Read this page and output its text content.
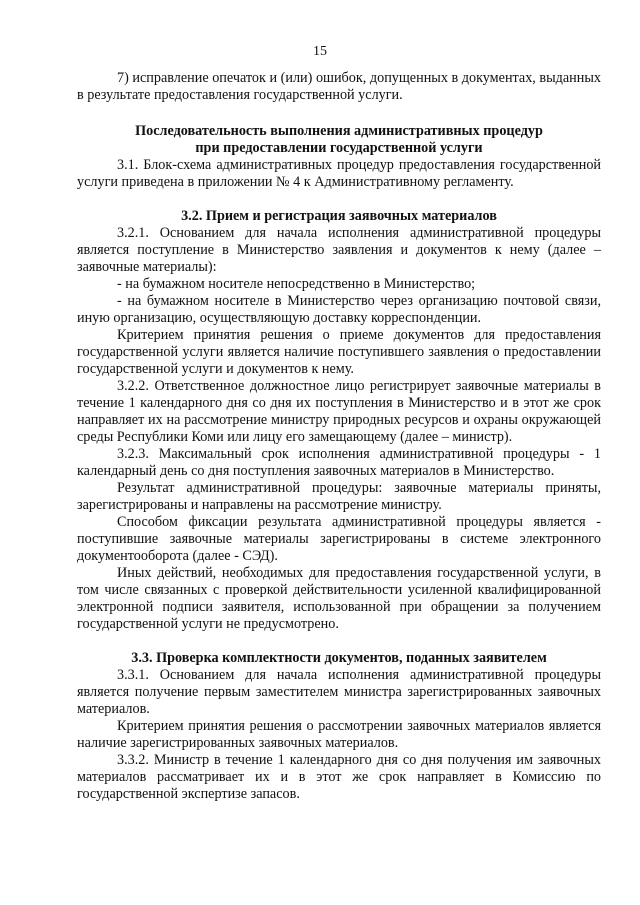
15

7) исправление опечаток и (или) ошибок, допущенных в документах, выданных в результате предоставления государственной услуги.

Последовательность выполнения административных процедур

при предоставлении государственной услуги

3.1. Блок-схема административных процедур предоставления государственной услуги приведена в приложении № 4 к Административному регламенту.

3.2. Прием и регистрация заявочных материалов

3.2.1. Основанием для начала исполнения административной процедуры является поступление в Министерство заявления и документов к нему (далее – заявочные материалы):

- на бумажном носителе непосредственно в Министерство;

- на бумажном носителе в Министерство через организацию почтовой связи, иную организацию, осуществляющую доставку корреспонденции.

Критерием принятия решения о приеме документов для предоставления государственной услуги является наличие поступившего заявления о предоставлении государственной услуги и документов к нему.

3.2.2. Ответственное должностное лицо регистрирует заявочные материалы в течение 1 календарного дня со дня их поступления в Министерство и в этот же срок направляет их на рассмотрение министру природных ресурсов и охраны окружающей среды Республики Коми или лицу его замещающему (далее – министр).

3.2.3. Максимальный срок исполнения административной процедуры - 1 календарный день со дня поступления заявочных материалов в Министерство.

Результат административной процедуры: заявочные материалы приняты, зарегистрированы и направлены на рассмотрение министру.

Способом фиксации результата административной процедуры является - поступившие заявочные материалы зарегистрированы в системе электронного документооборота (далее - СЭД).

Иных действий, необходимых для предоставления государственной услуги, в том числе связанных с проверкой действительности усиленной квалифицированной электронной подписи заявителя, использованной при обращении за получением государственной услуги не предусмотрено.

3.3. Проверка комплектности документов, поданных заявителем

3.3.1. Основанием для начала исполнения административной процедуры является получение первым заместителем министра зарегистрированных заявочных материалов.

Критерием принятия решения о рассмотрении заявочных материалов является наличие зарегистрированных заявочных материалов.

3.3.2. Министр в течение 1 календарного дня со дня получения им заявочных материалов рассматривает их и в этот же срок направляет в Комиссию по государственной экспертизе запасов.
